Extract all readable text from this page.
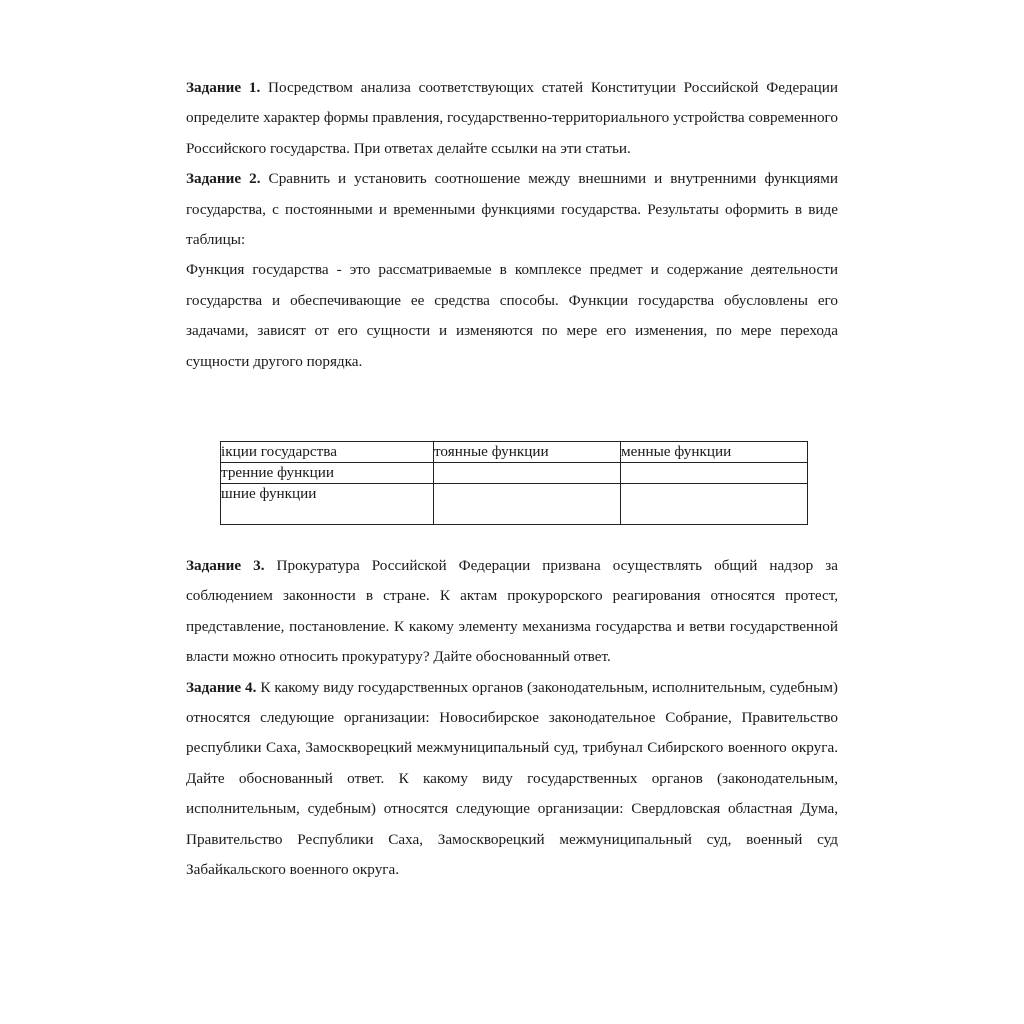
Задание 1. Посредством анализа соответствующих статей Конституции Российской Федерации определите характер формы правления, государственно-территориального устройства современного Российского государства. При ответах делайте ссылки на эти статьи.

Задание 2. Сравнить и установить соотношение между внешними и внутренними функциями государства, с постоянными и временными функциями государства. Результаты оформить в виде таблицы:

Функция государства - это рассматриваемые в комплексе предмет и содержание деятельности государства и обеспечивающие ее средства способы. Функции государства обусловлены его задачами, зависят от его сущности и изменяются по мере его изменения, по мере перехода сущности другого порядка.

ікции государства	тоянные функции	менные функции

тренние функции		

шние функции		

Задание 3. Прокуратура Российской Федерации призвана осуществлять общий надзор за соблюдением законности в стране. К актам прокурорского реагирования относятся протест, представление, постановление. К какому элементу механизма государства и ветви государственной власти можно относить прокуратуру? Дайте обоснованный ответ.

Задание 4. К какому виду государственных органов (законодательным, исполнительным, судебным) относятся следующие организации: Новосибирское законодательное Собрание, Правительство республики Саха, Замоскворецкий межмуниципальный суд, трибунал Сибирского военного округа. Дайте обоснованный ответ. К какому виду государственных органов (законодательным, исполнительным, судебным) относятся следующие организации: Свердловская областная Дума, Правительство Республики Саха, Замоскворецкий межмуниципальный суд, военный суд Забайкальского военного округа.
